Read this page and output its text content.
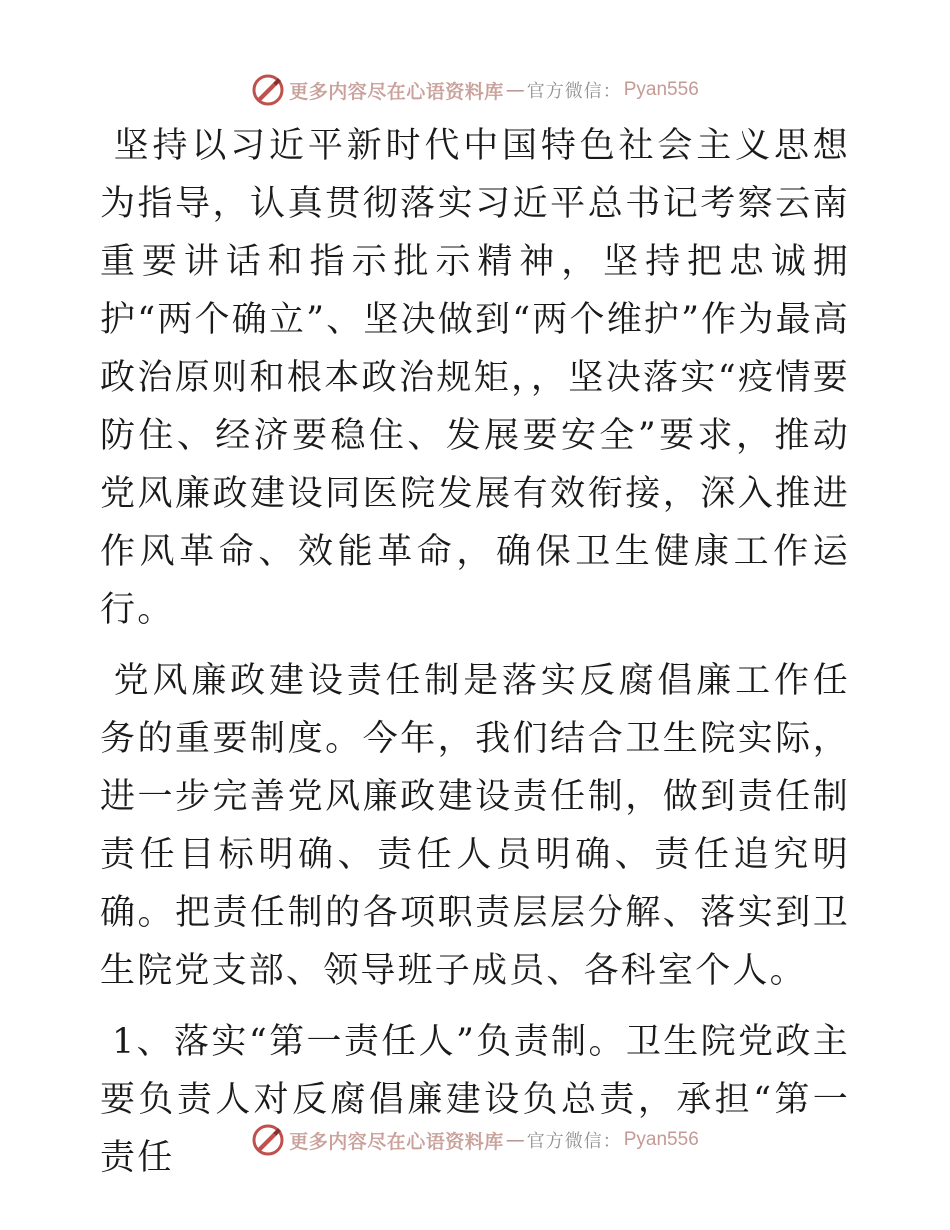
更多内容尽在心语资料库 — 官方微信： Pyan556

坚持以习近平新时代中国特色社会主义思想为指导，认真贯彻落实习近平总书记考察云南重要讲话和指示批示精神，坚持把忠诚拥护“两个确立”、坚决做到“两个维护”作为最高政治原则和根本政治规矩，，坚决落实“疫情要防住、经济要稳住、发展要安全”要求，推动党风廉政建设同医院发展有效衔接，深入推进作风革命、效能革命，确保卫生健康工作运行。

党风廉政建设责任制是落实反腐倡廉工作任务的重要制度。今年，我们结合卫生院实际，进一步完善党风廉政建设责任制，做到责任制责任目标明确、责任人员明确、责任追究明确。把责任制的各项职责层层分解、落实到卫生院党支部、领导班子成员、各科室个人。

1、落实“第一责任人”负责制。卫生院党政主要负责人对反腐倡廉建设负总责，承担“第一责任	更多内容尽在心语资料库 — 官方微信： Pyan556
